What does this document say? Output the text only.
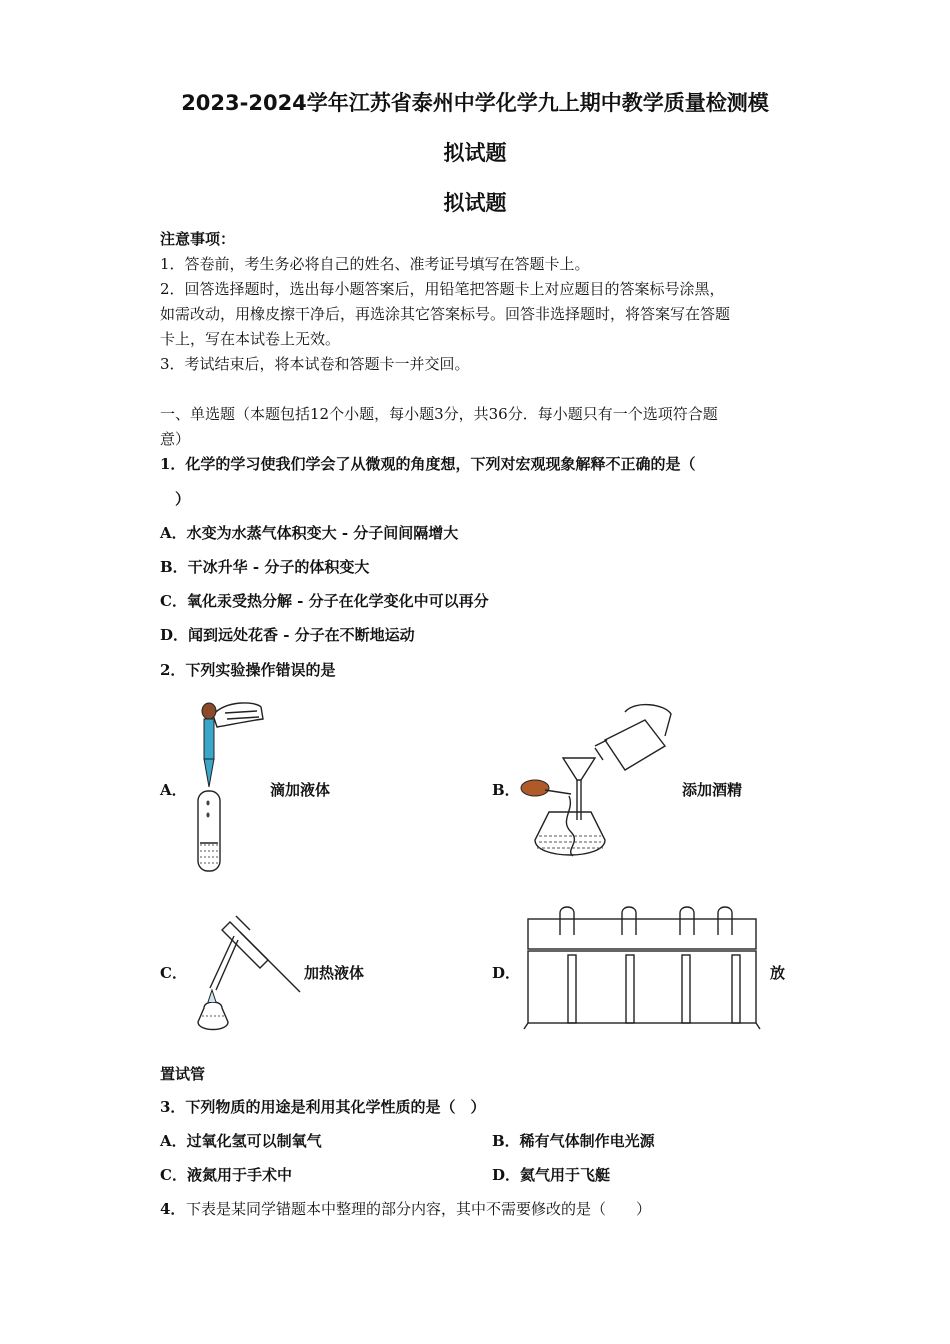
2023-2024学年江苏省泰州中学化学九上期中教学质量检测模
拟试题
拟试题
注意事项：
1．答卷前，考生务必将自己的姓名、准考证号填写在答题卡上。
2．回答选择题时，选出每小题答案后，用铅笔把答题卡上对应题目的答案标号涂黑，
如需改动，用橡皮擦干净后，再选涂其它答案标号。回答非选择题时，将答案写在答题
卡上，写在本试卷上无效。
3．考试结束后，将本试卷和答题卡一并交回。
一、单选题（本题包括12个小题，每小题3分，共36分．每小题只有一个选项符合题
意）
1．化学的学习使我们学会了从微观的角度想，下列对宏观现象解释不正确的是（
）
A．水变为水蒸气体积变大 - 分子间间隔增大
B．干冰升华 - 分子的体积变大
C．氧化汞受热分解 - 分子在化学变化中可以再分
D．闻到远处花香 - 分子在不断地运动
2．下列实验操作错误的是
A．	滴加液体	B．	添加酒精
C．	加热液体	D．	放
置试管
3．下列物质的用途是利用其化学性质的是（　）
A．过氧化氢可以制氧气	B．稀有气体制作电光源
C．液氮用于手术中	D．氦气用于飞艇
4． 下表是某同学错题本中整理的部分内容，其中不需要修改的是（　　）
